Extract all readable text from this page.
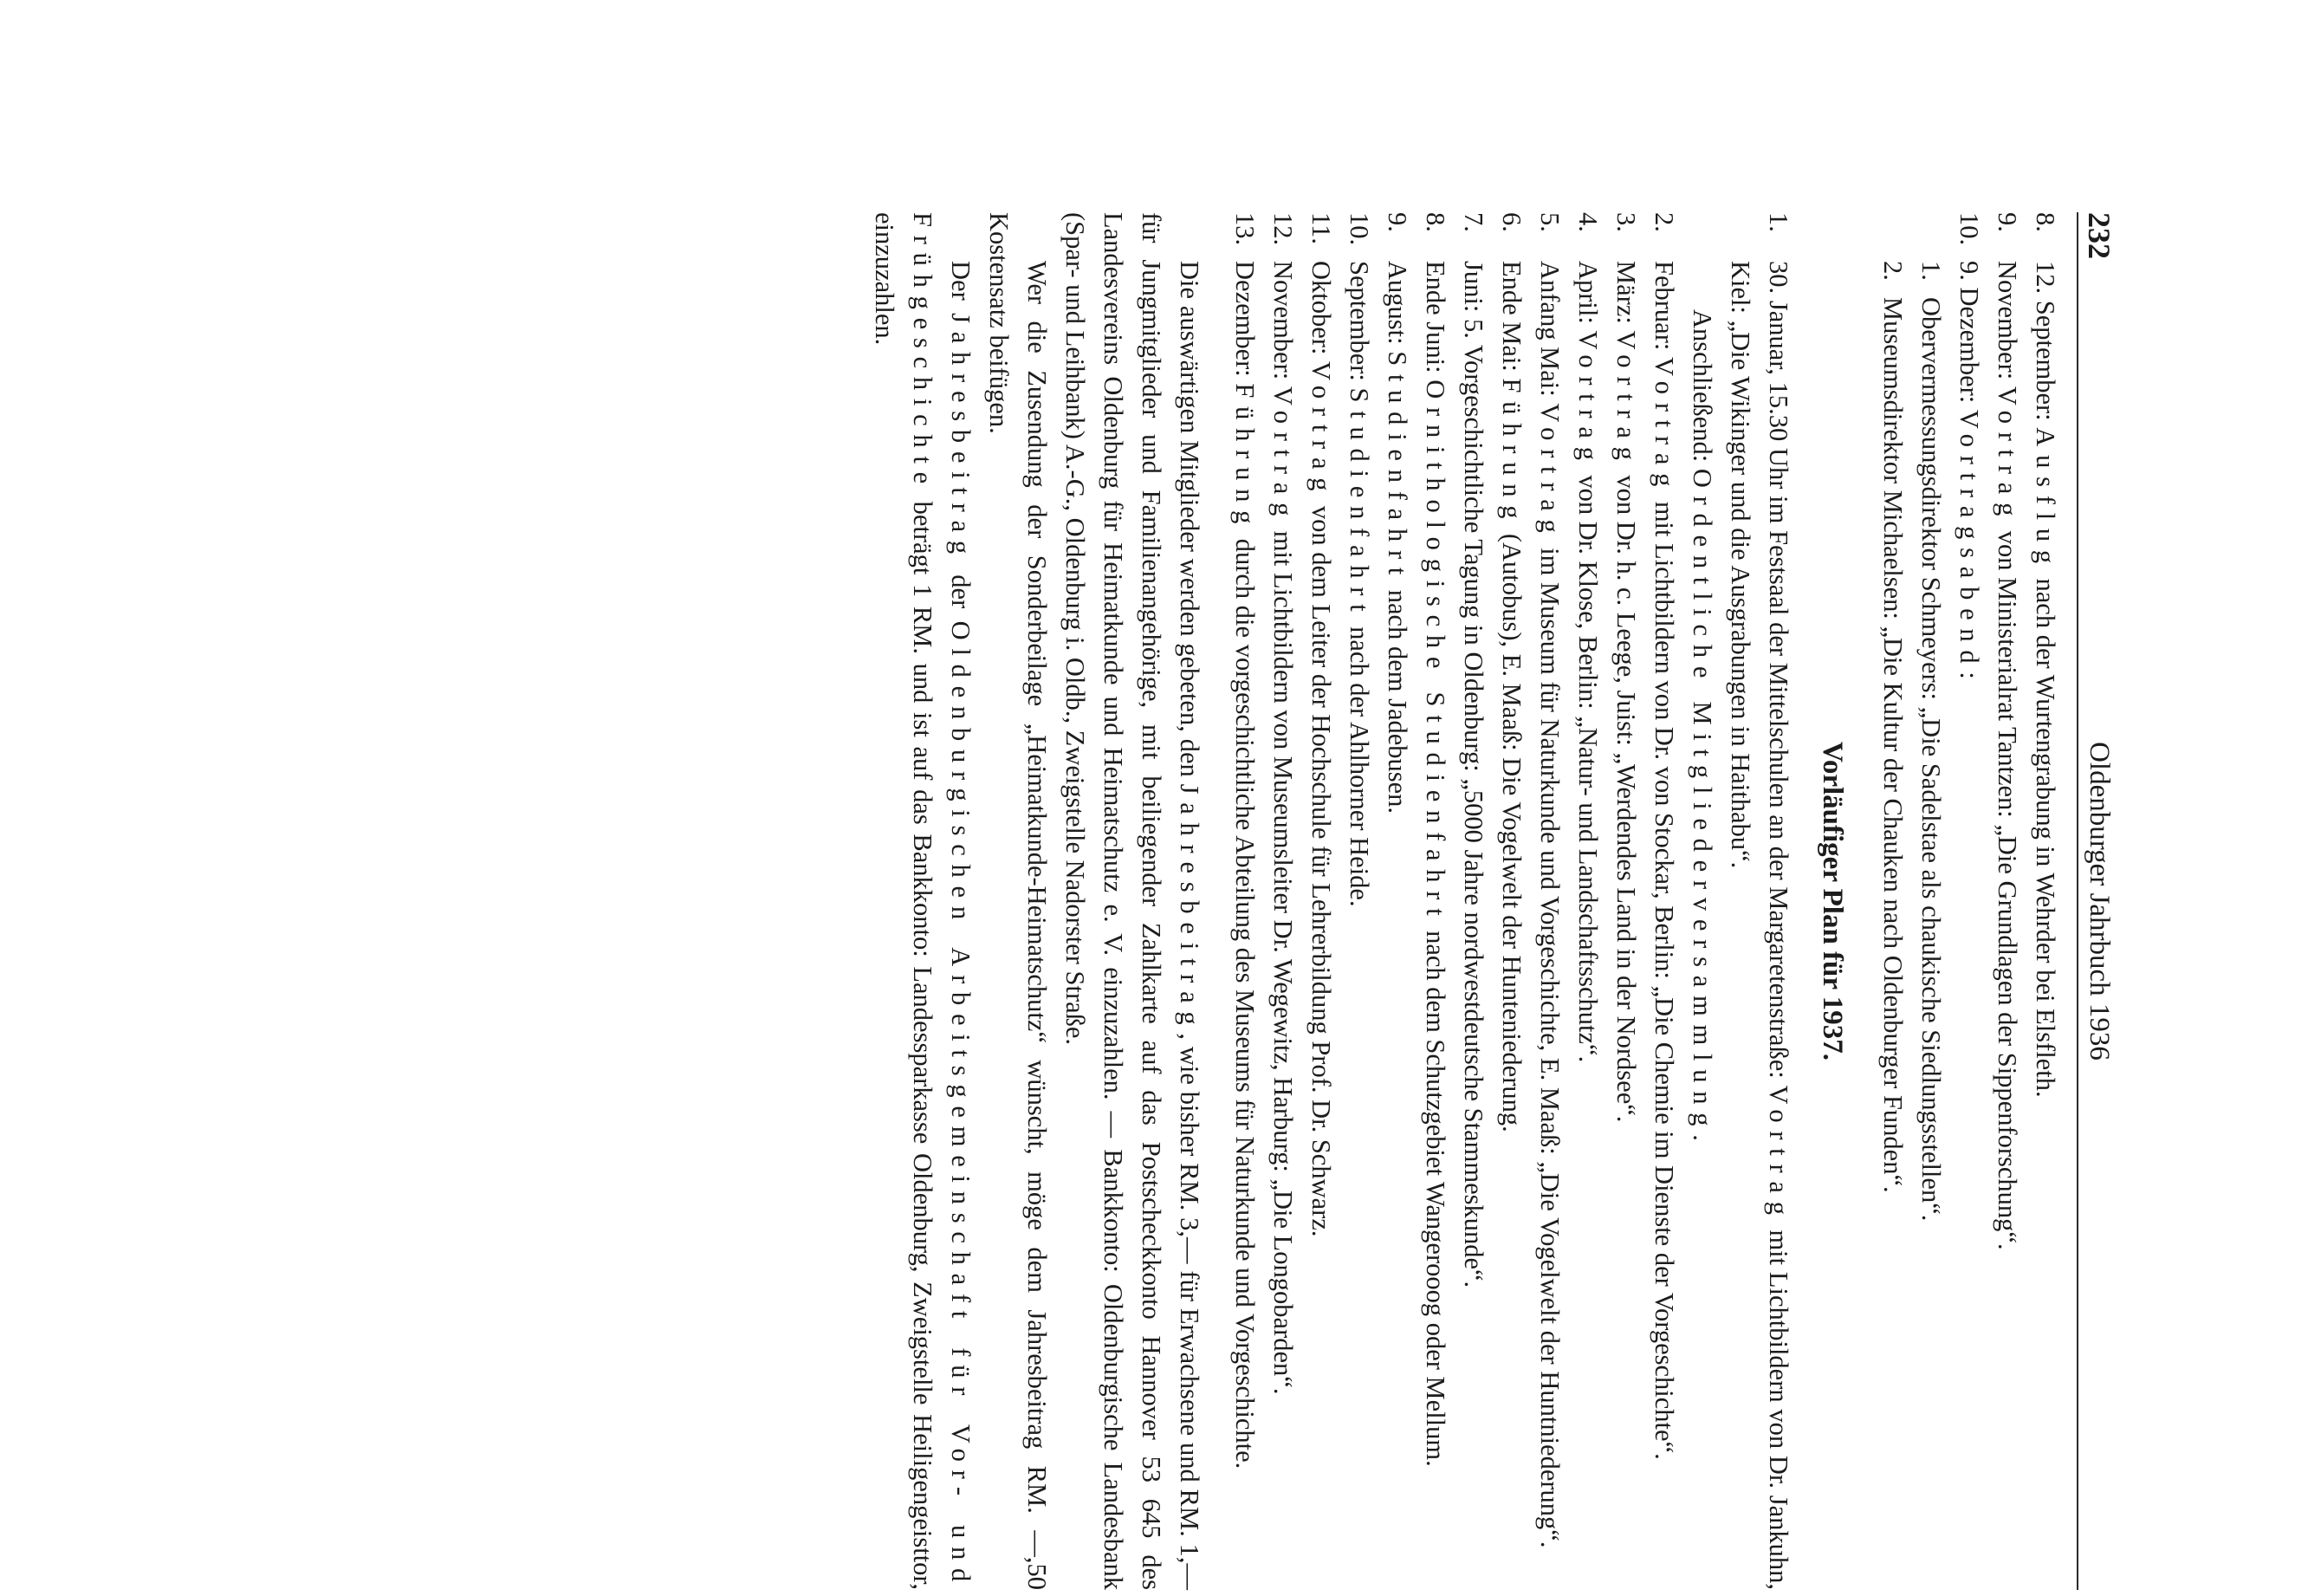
232
Oldenburger Jahrbuch 1936
8.
12. September: Ausflug nach der Wurtengrabung in Wehrder bei Elsfleth.
9.
November: Vortrag von Ministerialrat Tantzen: „Die Grundlagen der Sippenforschung“.
10.
9. Dezember: Vortragsabend:
1.
Obervermessungsdirektor Schmeyers: „Die Sadelstae als chaukische Siedlungsstellen“.
2.
Museumsdirektor Michaelsen: „Die Kultur der Chauken nach Oldenburger Funden“.
Vorläufiger Plan für 1937.
1.
30. Januar, 15.30 Uhr im Festsaal der Mittelschulen an der Margaretenstraße: Vortrag mit Lichtbildern von Dr. Jankuhn, Kiel: „Die Wikinger und die Ausgrabungen in Haithabu“.
Anschließend: Ordentliche Mitgliederversammlung.
2.
Februar: Vortrag mit Lichtbildern von Dr. von Stockar, Berlin: „Die Chemie im Dienste der Vorgeschichte“.
3.
März: Vortrag von Dr. h. c. Leege, Juist: „Werdendes Land in der Nordsee“.
4.
April: Vortrag von Dr. Klose, Berlin: „Natur- und Landschaftsschutz“.
5.
Anfang Mai: Vortrag im Museum für Naturkunde und Vorgeschichte, E. Maaß: „Die Vogelwelt der Huntniederung“.
6.
Ende Mai: Führung (Autobus), E. Maaß: Die Vogelwelt der Hunteniederung.
7.
Juni: 5. Vorgeschichtliche Tagung in Oldenburg: „5000 Jahre nordwestdeutsche Stammeskunde“.
8.
Ende Juni: Ornithologische Studienfahrt nach dem Schutzgebiet Wangerooog oder Mellum.
9.
August: Studienfahrt nach dem Jadebusen.
10.
September: Studienfahrt nach der Ahlhorner Heide.
11.
Oktober: Vortrag von dem Leiter der Hochschule für Lehrerbildung Prof. Dr. Schwarz.
12.
November: Vortrag mit Lichtbildern von Museumsleiter Dr. Wegewitz, Harburg: „Die Longobarden“.
13.
Dezember: Führung durch die vorgeschichtliche Abteilung des Museums für Naturkunde und Vorgeschichte.

Die auswärtigen Mitglieder werden gebeten, den Jahresbeitrag, wie bisher RM. 3,— für Erwachsene und RM. 1,— für Jungmitglieder und Familienangehörige, mit beiliegender Zahlkarte auf das Postscheckkonto Hannover 53 645 des Landesvereins Oldenburg für Heimatkunde und Heimatschutz e. V. einzuzahlen. — Bankkonto: Oldenburgische Landesbank (Spar- und Leihbank) A.-G., Oldenburg i. Oldb., Zweigstelle Nadorster Straße.

Wer die Zusendung der Sonderbeilage „Heimatkunde-Heimatschutz“ wünscht, möge dem Jahresbeitrag RM. —,50 Kostensatz beifügen.

Der Jahresbeitrag der Oldenburgischen Arbeitsgemeinschaft für Vor- und Frühgeschichte beträgt 1 RM. und ist auf das Bankkonto: Landessparkasse Oldenburg, Zweigstelle Heiligengeisttor, einzuzahlen.
